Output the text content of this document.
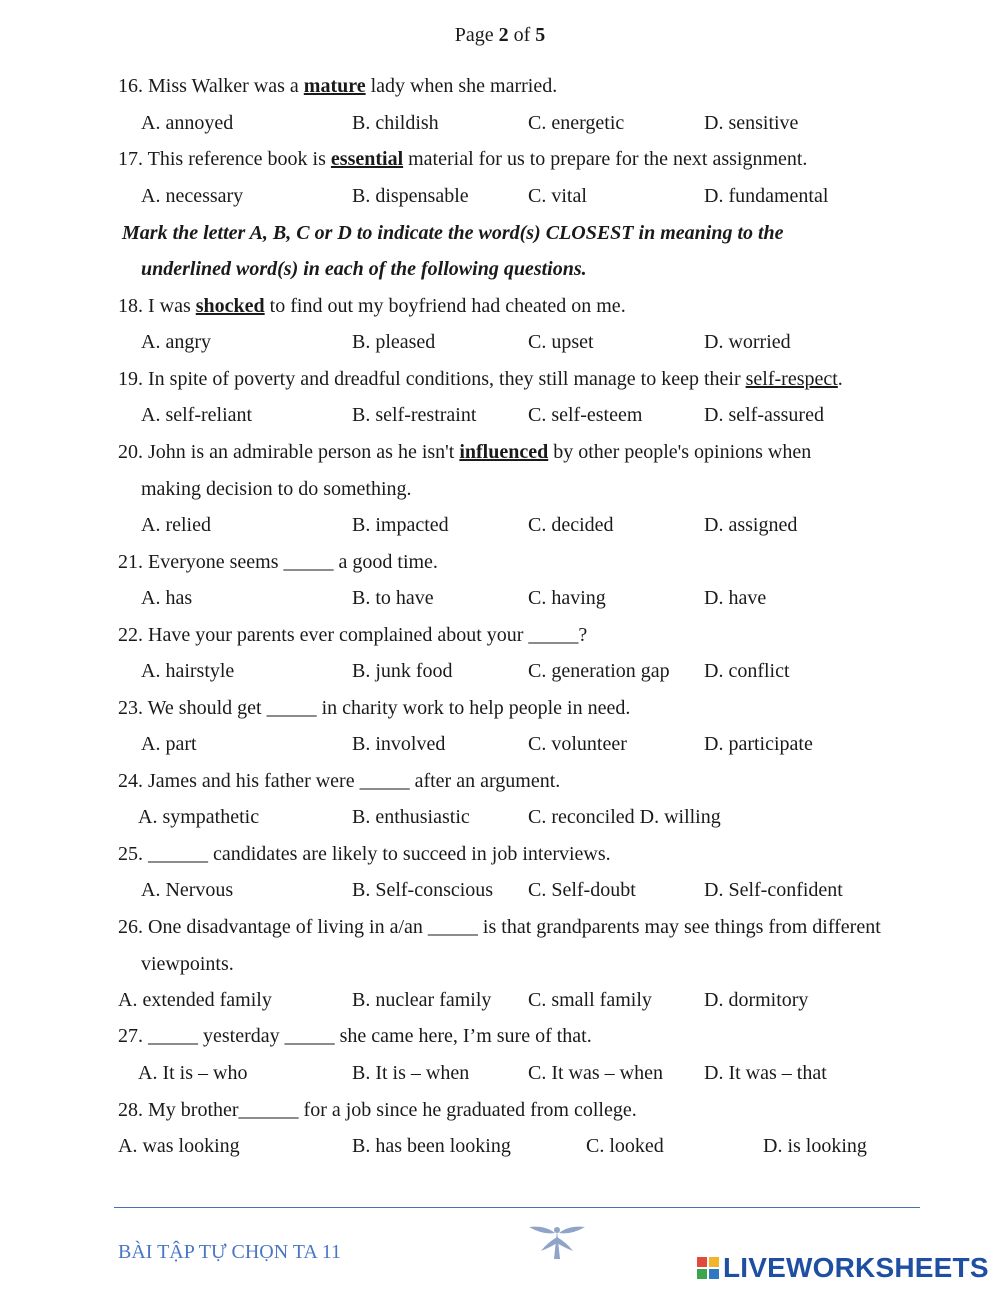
Page 2 of 5
16. Miss Walker was a mature lady when she married.
A. annoyed	B. childish	C. energetic	D. sensitive
17. This reference book is essential material for us to prepare for the next assignment.
A. necessary	B. dispensable	C. vital	D. fundamental
Mark the letter A, B, C or D to indicate the word(s) CLOSEST in meaning to the
underlined word(s) in each of the following questions.
18. I was shocked to find out my boyfriend had cheated on me.
A. angry	B. pleased	C. upset	D. worried
19. In spite of poverty and dreadful conditions, they still manage to keep their self-respect.
A. self-reliant	B. self-restraint	C. self-esteem	D. self-assured
20. John is an admirable person as he isn't influenced by other people's opinions when
making decision to do something.
A. relied	B. impacted	C. decided	D. assigned
21. Everyone seems _____ a good time.
A. has	B. to have	C. having	D. have
22. Have your parents ever complained about your _____?
A. hairstyle	B. junk food	C. generation gap D. conflict
23. We should get _____ in charity work to help people in need.
A. part	B. involved	C. volunteer	D. participate
24. James and his father were _____ after an argument.
A. sympathetic	B. enthusiastic	C. reconciled D. willing
25. ______ candidates are likely to succeed in job interviews.
A. Nervous	B. Self-conscious C. Self-doubt	D. Self-confident
26. One disadvantage of living in a/an _____ is that grandparents may see things from different
viewpoints.
A. extended family	B. nuclear family C. small family	D. dormitory
27. _____ yesterday _____ she came here, I’m sure of that.
A. It is – who	B. It is – when	C. It was – when D. It was – that
28. My brother______ for a job since he graduated from college.
A. was looking	B. has been looking	C. looked	D. is looking
BÀI TẬP TỰ CHỌN TA 11	LIVEWORKSHEETS
